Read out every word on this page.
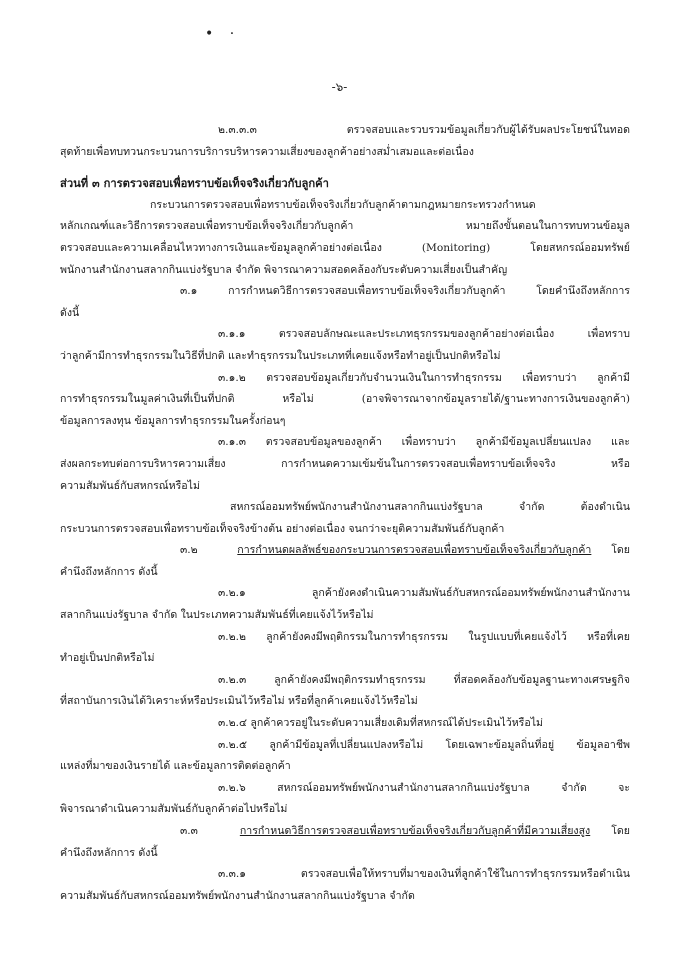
• ·
-๖-
๒.๓.๓.๓ ตรวจสอบและรวบรวมข้อมูลเกี่ยวกับผู้ได้รับผลประโยชน์ในทอด
สุดท้ายเพื่อทบทวนกระบวนการบริการบริหารความเสี่ยงของลูกค้าอย่างสม่ำเสมอและต่อเนื่อง
ส่วนที่ ๓ การตรวจสอบเพื่อทราบข้อเท็จจริงเกี่ยวกับลูกค้า
กระบวนการตรวจสอบเพื่อทราบข้อเท็จจริงเกี่ยวกับลูกค้าตามกฎหมายกระทรวงกำหนด
หลักเกณฑ์และวิธีการตรวจสอบเพื่อทราบข้อเท็จจริงเกี่ยวกับลูกค้า หมายถึงขั้นตอนในการทบทวนข้อมูล
ตรวจสอบและความเคลื่อนไหวทางการเงินและข้อมูลลูกค้าอย่างต่อเนื่อง (Monitoring) โดยสหกรณ์ออมทรัพย์
พนักงานสำนักงานสลากกินแบ่งรัฐบาล จำกัด พิจารณาความสอดคล้องกับระดับความเสี่ยงเป็นสำคัญ
๓.๑ การกำหนดวิธีการตรวจสอบเพื่อทราบข้อเท็จจริงเกี่ยวกับลูกค้า โดยคำนึงถึงหลักการ
ดังนี้
๓.๑.๑ ตรวจสอบลักษณะและประเภทธุรกรรมของลูกค้าอย่างต่อเนื่อง เพื่อทราบ
ว่าลูกค้ามีการทำธุรกรรมในวิธีที่ปกติ และทำธุรกรรมในประเภทที่เคยแจ้งหรือทำอยู่เป็นปกติหรือไม่
๓.๑.๒ ตรวจสอบข้อมูลเกี่ยวกับจำนวนเงินในการทำธุรกรรม เพื่อทราบว่า ลูกค้ามี
การทำธุรกรรมในมูลค่าเงินที่เป็นที่ปกติ หรือไม่ (อาจพิจารณาจากข้อมูลรายได้/ฐานะทางการเงินของลูกค้า)
ข้อมูลการลงทุน ข้อมูลการทำธุรกรรมในครั้งก่อนๆ
๓.๑.๓ ตรวจสอบข้อมูลของลูกค้า เพื่อทราบว่า ลูกค้ามีข้อมูลเปลี่ยนแปลง และ
ส่งผลกระทบต่อการบริหารความเสี่ยง การกำหนดความเข้มข้นในการตรวจสอบเพื่อทราบข้อเท็จจริง หรือ
ความสัมพันธ์กับสหกรณ์หรือไม่
สหกรณ์ออมทรัพย์พนักงานสำนักงานสลากกินแบ่งรัฐบาล จำกัด ต้องดำเนิน
กระบวนการตรวจสอบเพื่อทราบข้อเท็จจริงข้างต้น อย่างต่อเนื่อง จนกว่าจะยุติความสัมพันธ์กับลูกค้า
๓.๒	การกำหนดผลลัพธ์ของกระบวนการตรวจสอบเพื่อทราบข้อเท็จจริงเกี่ยวกับลูกค้า โดย
คำนึงถึงหลักการ ดังนี้
๓.๒.๑ ลูกค้ายังคงดำเนินความสัมพันธ์กับสหกรณ์ออมทรัพย์พนักงานสำนักงาน
สลากกินแบ่งรัฐบาล จำกัด ในประเภทความสัมพันธ์ที่เคยแจ้งไว้หรือไม่
๓.๒.๒ ลูกค้ายังคงมีพฤติกรรมในการทำธุรกรรม ในรูปแบบที่เคยแจ้งไว้ หรือที่เคย
ทำอยู่เป็นปกติหรือไม่
๓.๒.๓ ลูกค้ายังคงมีพฤติกรรมทำธุรกรรม ที่สอดคล้องกับข้อมูลฐานะทางเศรษฐกิจ
ที่สถาบันการเงินได้วิเคราะห์หรือประเมินไว้หรือไม่ หรือที่ลูกค้าเคยแจ้งไว้หรือไม่
๓.๒.๔ ลูกค้าควรอยู่ในระดับความเสี่ยงเดิมที่สหกรณ์ได้ประเมินไว้หรือไม่
๓.๒.๕ ลูกค้ามีข้อมูลที่เปลี่ยนแปลงหรือไม่ โดยเฉพาะข้อมูลถิ่นที่อยู่ ข้อมูลอาชีพ
แหล่งที่มาของเงินรายได้ และข้อมูลการติดต่อลูกค้า
๓.๒.๖ สหกรณ์ออมทรัพย์พนักงานสำนักงานสลากกินแบ่งรัฐบาล จำกัด จะ
พิจารณาดำเนินความสัมพันธ์กับลูกค้าต่อไปหรือไม่
๓.๓	การกำหนดวิธีการตรวจสอบเพื่อทราบข้อเท็จจริงเกี่ยวกับลูกค้าที่มีความเสี่ยงสูง โดย
คำนึงถึงหลักการ ดังนี้
๓.๓.๑ ตรวจสอบเพื่อให้ทราบที่มาของเงินที่ลูกค้าใช้ในการทำธุรกรรมหรือดำเนิน
ความสัมพันธ์กับสหกรณ์ออมทรัพย์พนักงานสำนักงานสลากกินแบ่งรัฐบาล จำกัด
